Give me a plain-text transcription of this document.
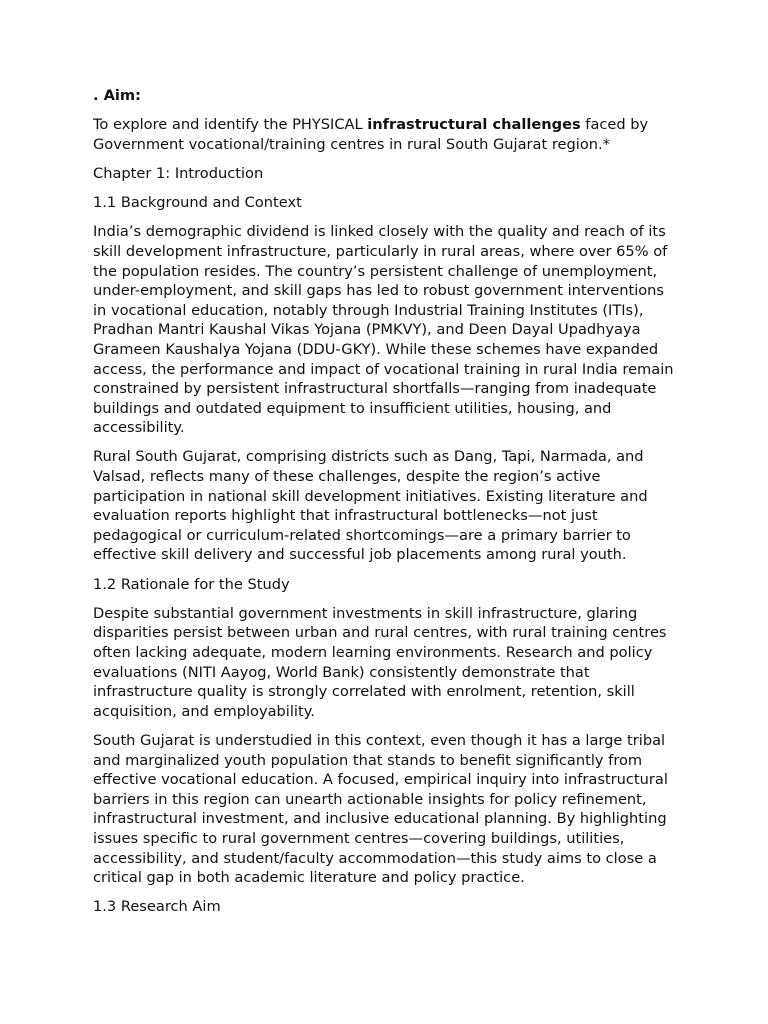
. Aim:

To explore and identify the PHYSICAL infrastructural challenges faced by Government vocational/training centres in rural South Gujarat region.*

Chapter 1: Introduction

1.1 Background and Context

India’s demographic dividend is linked closely with the quality and reach of its skill development infrastructure, particularly in rural areas, where over 65% of the population resides. The country’s persistent challenge of unemployment, under-employment, and skill gaps has led to robust government interventions in vocational education, notably through Industrial Training Institutes (ITIs), Pradhan Mantri Kaushal Vikas Yojana (PMKVY), and Deen Dayal Upadhyaya Grameen Kaushalya Yojana (DDU-GKY). While these schemes have expanded access, the performance and impact of vocational training in rural India remain constrained by persistent infrastructural shortfalls—ranging from inadequate buildings and outdated equipment to insufficient utilities, housing, and accessibility.

Rural South Gujarat, comprising districts such as Dang, Tapi, Narmada, and Valsad, reflects many of these challenges, despite the region’s active participation in national skill development initiatives. Existing literature and evaluation reports highlight that infrastructural bottlenecks—not just pedagogical or curriculum-related shortcomings—are a primary barrier to effective skill delivery and successful job placements among rural youth.

1.2 Rationale for the Study

Despite substantial government investments in skill infrastructure, glaring disparities persist between urban and rural centres, with rural training centres often lacking adequate, modern learning environments. Research and policy evaluations (NITI Aayog, World Bank) consistently demonstrate that infrastructure quality is strongly correlated with enrolment, retention, skill acquisition, and employability.

South Gujarat is understudied in this context, even though it has a large tribal and marginalized youth population that stands to benefit significantly from effective vocational education. A focused, empirical inquiry into infrastructural barriers in this region can unearth actionable insights for policy refinement, infrastructural investment, and inclusive educational planning. By highlighting issues specific to rural government centres—covering buildings, utilities, accessibility, and student/faculty accommodation—this study aims to close a critical gap in both academic literature and policy practice.

1.3 Research Aim
